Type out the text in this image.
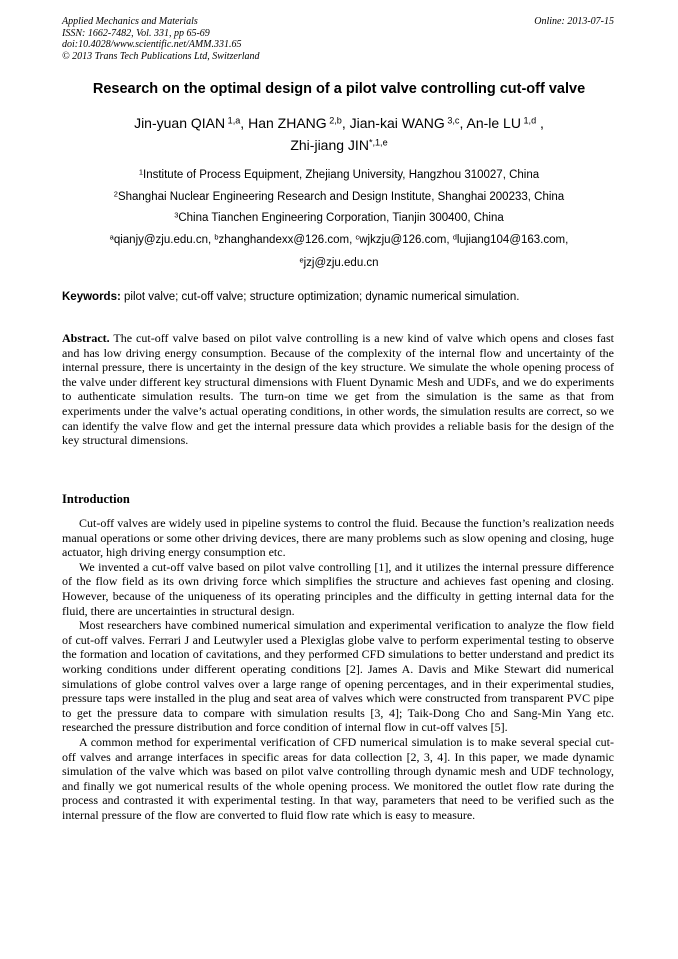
Applied Mechanics and Materials
ISSN: 1662-7482, Vol. 331, pp 65-69
doi:10.4028/www.scientific.net/AMM.331.65
© 2013 Trans Tech Publications Ltd, Switzerland
Online: 2013-07-15
Research on the optimal design of a pilot valve controlling cut-off valve
Jin-yuan QIAN $^{1,a}$, Han ZHANG $^{2,b}$, Jian-kai WANG $^{3,c}$, An-le LU $^{1,d}$ ,
Zhi-jiang $JIN^{*,1,e}$
$^1$Institute of Process Equipment, Zhejiang University, Hangzhou 310027, China
$^2$Shanghai Nuclear Engineering Research and Design Institute, Shanghai 200233, China
$^3$China Tianchen Engineering Corporation, Tianjin 300400, China
$^a$qianjy@zju.edu.cn, $^b$zhanghandexx@126.com, $^c$wjkzju@126.com, $^d$lujiang104@163.com,
$^e$jzj@zju.edu.cn
Keywords: pilot valve; cut-off valve; structure optimization; dynamic numerical simulation.
Abstract. The cut-off valve based on pilot valve controlling is a new kind of valve which opens and closes fast and has low driving energy consumption. Because of the complexity of the internal flow and uncertainty of the internal pressure, there is uncertainty in the design of the key structure. We simulate the whole opening process of the valve under different key structural dimensions with Fluent Dynamic Mesh and UDFs, and we do experiments to authenticate simulation results. The turn-on time we get from the simulation is the same as that from experiments under the valve’s actual operating conditions, in other words, the simulation results are correct, so we can identify the valve flow and get the internal pressure data which provides a reliable basis for the design of the key structural dimensions.
Introduction

Cut-off valves are widely used in pipeline systems to control the fluid. Because the function’s realization needs manual operations or some other driving devices, there are many problems such as slow opening and closing, huge actuator, high driving energy consumption etc.

We invented a cut-off valve based on pilot valve controlling [1], and it utilizes the internal pressure difference of the flow field as its own driving force which simplifies the structure and achieves fast opening and closing. However, because of the uniqueness of its operating principles and the difficulty in getting internal data for the fluid, there are uncertainties in structural design.

Most researchers have combined numerical simulation and experimental verification to analyze the flow field of cut-off valves. Ferrari J and Leutwyler used a Plexiglas globe valve to perform experimental testing to observe the formation and location of cavitations, and they performed CFD simulations to better understand and predict its working conditions under different operating conditions [2]. James A. Davis and Mike Stewart did numerical simulations of globe control valves over a large range of opening percentages, and in their experimental studies, pressure taps were installed in the plug and seat area of valves which were constructed from transparent PVC pipe to get the pressure data to compare with simulation results [3, 4]; Taik-Dong Cho and Sang-Min Yang etc. researched the pressure distribution and force condition of internal flow in cut-off valves [5].

A common method for experimental verification of CFD numerical simulation is to make several special cut-off valves and arrange interfaces in specific areas for data collection [2, 3, 4]. In this paper, we made dynamic simulation of the valve which was based on pilot valve controlling through dynamic mesh and UDF technology, and finally we got numerical results of the whole opening process. We monitored the outlet flow rate during the process and contrasted it with experimental testing. In that way, parameters that need to be verified such as the internal pressure of the flow are converted to fluid flow rate which is easy to measure.
